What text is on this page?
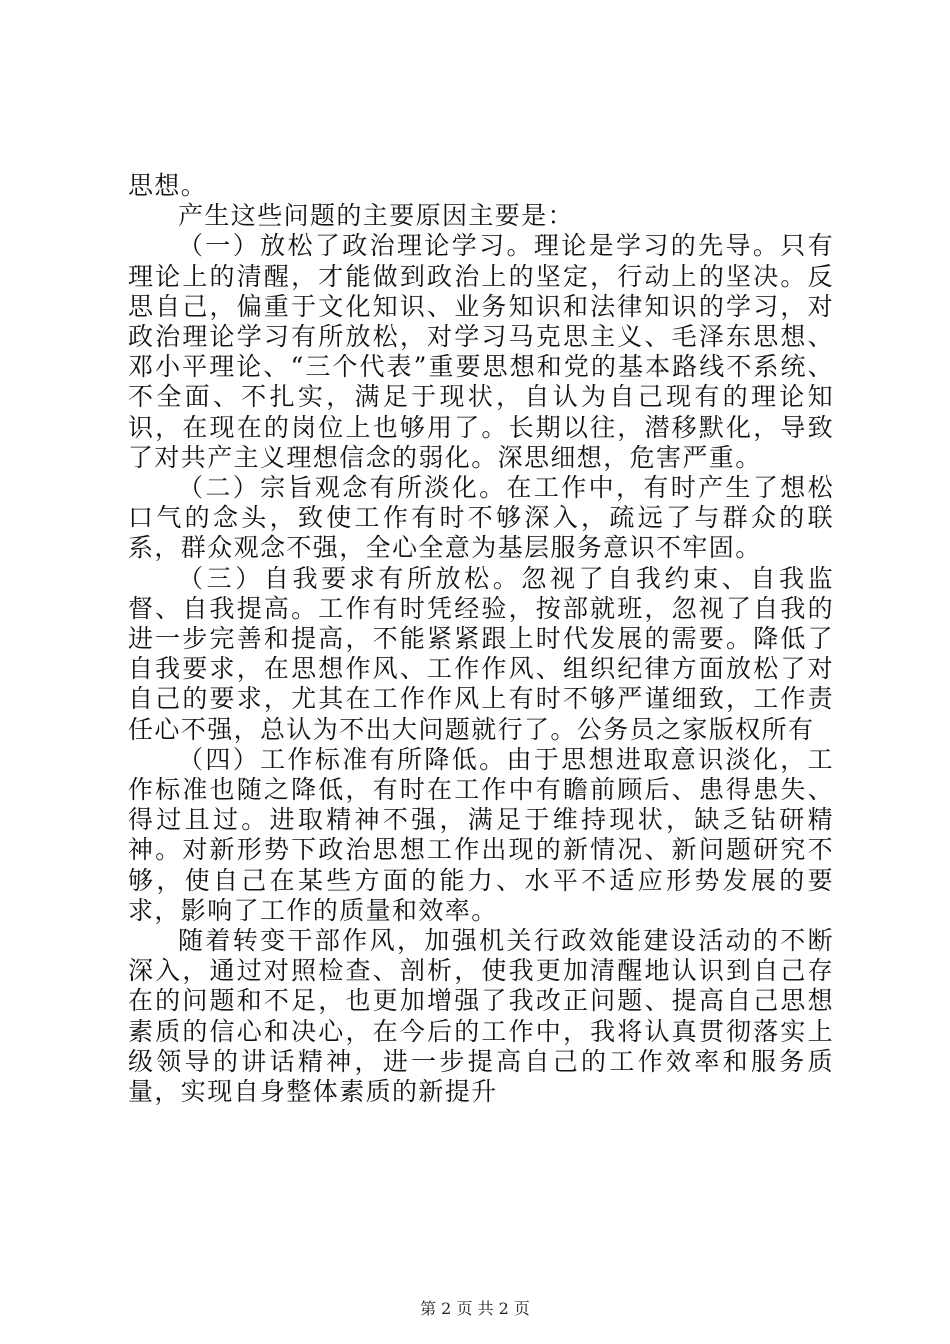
思想。

产生这些问题的主要原因主要是：

（一）放松了政治理论学习。理论是学习的先导。只有理论上的清醒，才能做到政治上的坚定，行动上的坚决。反思自己，偏重于文化知识、业务知识和法律知识的学习，对政治理论学习有所放松，对学习马克思主义、毛泽东思想、邓小平理论、“三个代表”重要思想和党的基本路线不系统、不全面、不扎实，满足于现状，自认为自己现有的理论知识，在现在的岗位上也够用了。长期以往，潜移默化，导致了对共产主义理想信念的弱化。深思细想，危害严重。

（二）宗旨观念有所淡化。在工作中，有时产生了想松口气的念头，致使工作有时不够深入，疏远了与群众的联系，群众观念不强，全心全意为基层服务意识不牢固。

（三）自我要求有所放松。忽视了自我约束、自我监督、自我提高。工作有时凭经验，按部就班，忽视了自我的进一步完善和提高，不能紧紧跟上时代发展的需要。降低了自我要求，在思想作风、工作作风、组织纪律方面放松了对自己的要求，尤其在工作作风上有时不够严谨细致，工作责任心不强，总认为不出大问题就行了。公务员之家版权所有

（四）工作标准有所降低。由于思想进取意识淡化，工作标准也随之降低，有时在工作中有瞻前顾后、患得患失、得过且过。进取精神不强，满足于维持现状，缺乏钻研精神。对新形势下政治思想工作出现的新情况、新问题研究不够，使自己在某些方面的能力、水平不适应形势发展的要求，影响了工作的质量和效率。

随着转变干部作风，加强机关行政效能建设活动的不断深入，通过对照检查、剖析，使我更加清醒地认识到自己存在的问题和不足，也更加增强了我改正问题、提高自己思想素质的信心和决心，在今后的工作中，我将认真贯彻落实上级领导的讲话精神，进一步提高自己的工作效率和服务质量，实现自身整体素质的新提升

第 2 页 共 2 页
